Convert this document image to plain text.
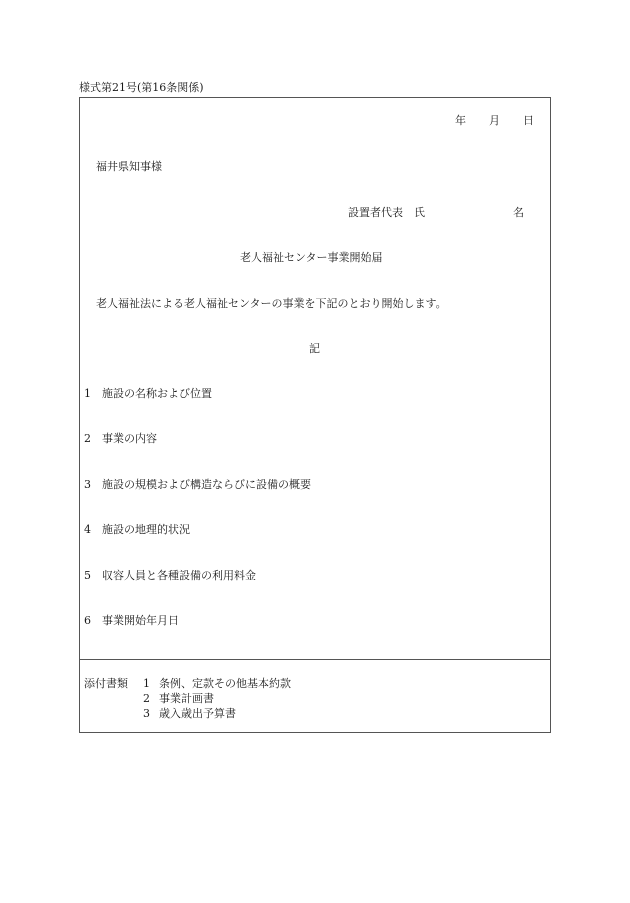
様式第21号(第16条関係)
年 月 日
福井県知事様
設置者代表　氏	名
老人福祉センター事業開始届
老人福祉法による老人福祉センターの事業を下記のとおり開始します。
記
1 施設の名称および位置
2 事業の内容
3 施設の規模および構造ならびに設備の概要
4 施設の地理的状況
5 収容人員と各種設備の利用料金
6 事業開始年月日
添付書類 1 条例、定款その他基本約款
2 事業計画書
3 歳入歳出予算書
